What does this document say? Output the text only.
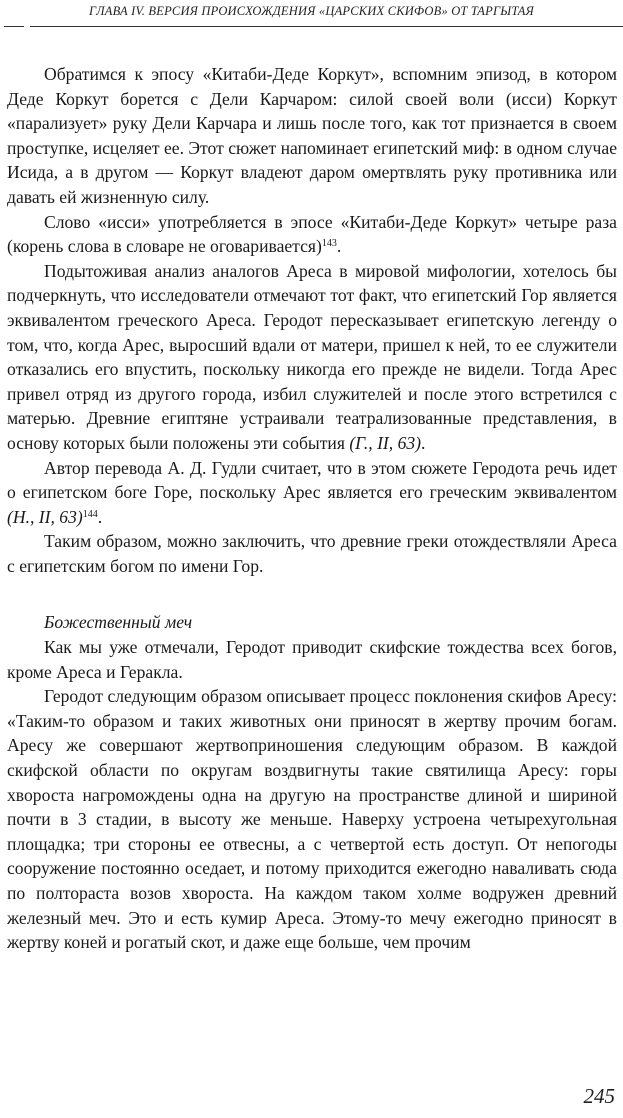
ГЛАВА IV. ВЕРСИЯ ПРОИСХОЖДЕНИЯ «ЦАРСКИХ СКИФОВ» ОТ ТАРГЫТАЯ

Обратимся к эпосу «Китаби-Деде Коркут», вспомним эпизод, в котором Деде Коркут борется с Дели Карчаром: силой своей воли (исси) Коркут «парализует» руку Дели Карчара и лишь после того, как тот признается в своем проступке, исцеляет ее. Этот сюжет напоминает египетский миф: в одном случае Исида, а в другом — Коркут владеют даром омертвлять руку противника или давать ей жизненную силу.

Слово «исси» употребляется в эпосе «Китаби-Деде Коркут» четыре раза (корень слова в словаре не оговаривается)$^{143}$.

Подытоживая анализ аналогов Ареса в мировой мифологии, хотелось бы подчеркнуть, что исследователи отмечают тот факт, что египетский Гор является эквивалентом греческого Ареса. Геродот пересказывает египетскую легенду о том, что, когда Арес, выросший вдали от матери, пришел к ней, то ее служители отказались его впустить, поскольку никогда его прежде не видели. Тогда Арес привел отряд из другого города, избил служителей и после этого встретился с матерью. Древние египтяне устраивали театрализованные представления, в основу которых были положены эти события (Г., II, 63).

Автор перевода А. Д. Гудли считает, что в этом сюжете Геродота речь идет о египетском боге Горе, поскольку Арес является его греческим эквивалентом (Н., II, 63)$^{144}$.

Таким образом, можно заключить, что древние греки отождествляли Ареса с египетским богом по имени Гор.

Божественный меч

Как мы уже отмечали, Геродот приводит скифские тождества всех богов, кроме Ареса и Геракла.

Геродот следующим образом описывает процесс поклонения скифов Аресу: «Таким-то образом и таких животных они приносят в жертву прочим богам. Аресу же совершают жертвоприношения следующим образом. В каждой скифской области по округам воздвигнуты такие святилища Аресу: горы хвороста нагромождены одна на другую на пространстве длиной и шириной почти в 3 стадии, в высоту же меньше. Наверху устроена четырехугольная площадка; три стороны ее отвесны, а с четвертой есть доступ. От непогоды сооружение постоянно оседает, и потому приходится ежегодно наваливать сюда по полтораста возов хвороста. На каждом таком холме водружен древний железный меч. Это и есть кумир Ареса. Этому-то мечу ежегодно приносят в жертву коней и рогатый скот, и даже еще больше, чем прочим

245
